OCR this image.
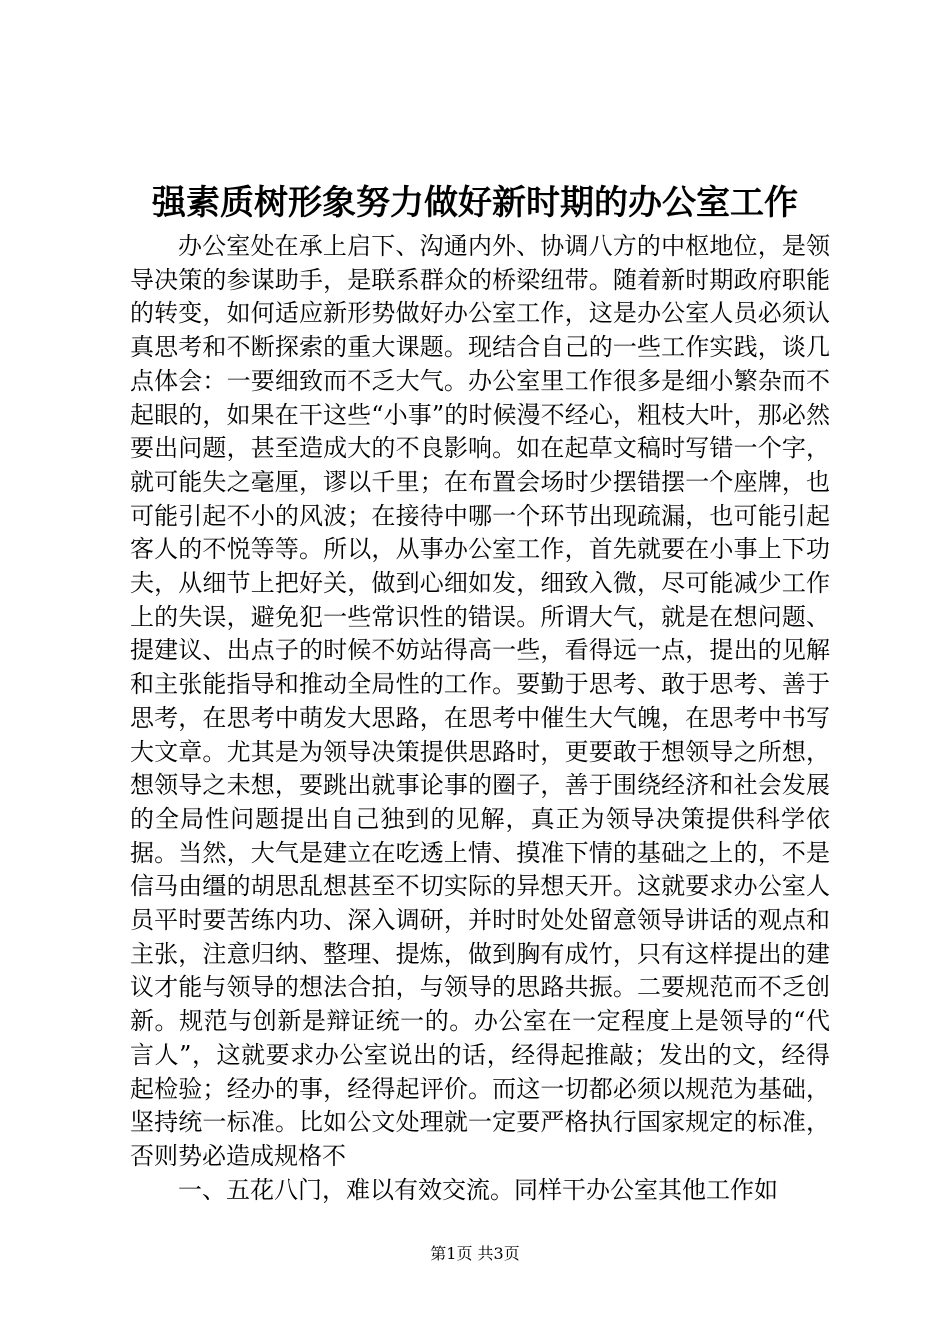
强素质树形象努力做好新时期的办公室工作

办公室处在承上启下、沟通内外、协调八方的中枢地位，是领导决策的参谋助手，是联系群众的桥梁纽带。随着新时期政府职能的转变，如何适应新形势做好办公室工作，这是办公室人员必须认真思考和不断探索的重大课题。现结合自己的一些工作实践，谈几点体会：一要细致而不乏大气。办公室里工作很多是细小繁杂而不起眼的，如果在干这些“小事”的时候漫不经心，粗枝大叶，那必然要出问题，甚至造成大的不良影响。如在起草文稿时写错一个字，就可能失之毫厘，谬以千里；在布置会场时少摆错摆一个座牌，也可能引起不小的风波；在接待中哪一个环节出现疏漏，也可能引起客人的不悦等等。所以，从事办公室工作，首先就要在小事上下功夫，从细节上把好关，做到心细如发，细致入微，尽可能减少工作上的失误，避免犯一些常识性的错误。所谓大气，就是在想问题、提建议、出点子的时候不妨站得高一些，看得远一点，提出的见解和主张能指导和推动全局性的工作。要勤于思考、敢于思考、善于思考，在思考中萌发大思路，在思考中催生大气魄，在思考中书写大文章。尤其是为领导决策提供思路时，更要敢于想领导之所想，想领导之未想，要跳出就事论事的圈子，善于围绕经济和社会发展的全局性问题提出自己独到的见解，真正为领导决策提供科学依据。当然，大气是建立在吃透上情、摸准下情的基础之上的，不是信马由缰的胡思乱想甚至不切实际的异想天开。这就要求办公室人员平时要苦练内功、深入调研，并时时处处留意领导讲话的观点和主张，注意归纳、整理、提炼，做到胸有成竹，只有这样提出的建议才能与领导的想法合拍，与领导的思路共振。二要规范而不乏创新。规范与创新是辩证统一的。办公室在一定程度上是领导的“代言人”，这就要求办公室说出的话，经得起推敲；发出的文，经得起检验；经办的事，经得起评价。而这一切都必须以规范为基础，坚持统一标准。比如公文处理就一定要严格执行国家规定的标准，否则势必造成规格不

一、五花八门，难以有效交流。同样干办公室其他工作如

第1页 共3页
